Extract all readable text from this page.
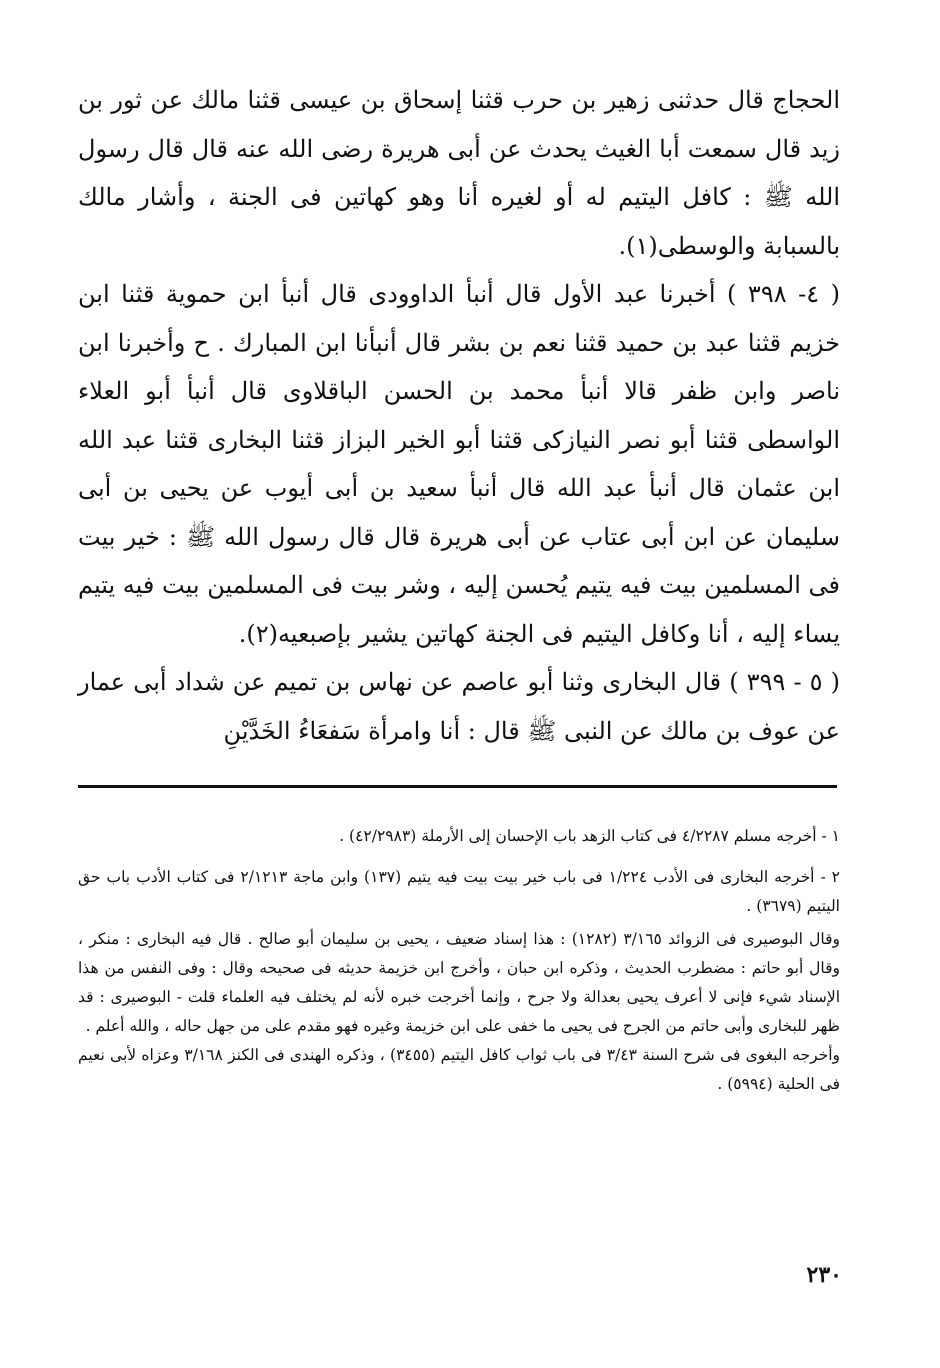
الحجاج قال حدثنى زهير بن حرب قثنا إسحاق بن عيسى قثنا مالك عن ثور بن زيد قال سمعت أبا الغيث يحدث عن أبى هريرة رضى الله عنه قال قال رسول الله ﷺ : كافل اليتيم له أو لغيره أنا وهو كهاتين فى الجنة ، وأشار مالك بالسبابة والوسطى(١).

( ٤- ٣٩٨ ) أخبرنا عبد الأول قال أنبأ الداوودى قال أنبأ ابن حموية قثنا ابن خزيم قثنا عبد بن حميد قثنا نعم بن بشر قال أنبأنا ابن المبارك . ح وأخبرنا ابن ناصر وابن ظفر قالا أنبأ محمد بن الحسن الباقلاوى قال أنبأ أبو العلاء الواسطى قثنا أبو نصر النيازكى قثنا أبو الخير البزاز قثنا البخارى قثنا عبد الله ابن عثمان قال أنبأ عبد الله قال أنبأ سعيد بن أبى أيوب عن يحيى بن أبى سليمان عن ابن أبى عتاب عن أبى هريرة قال قال رسول الله ﷺ : خير بيت فى المسلمين بيت فيه يتيم يُحسن إليه ، وشر بيت فى المسلمين بيت فيه يتيم يساء إليه ، أنا وكافل اليتيم فى الجنة كهاتين يشير بإصبعيه(٢).

( ٥ - ٣٩٩ ) قال البخارى وثنا أبو عاصم عن نهاس بن تميم عن شداد أبى عمار عن عوف بن مالك عن النبى ﷺ قال : أنا وامرأة سَفعَاءُ الخَدَّيْنِ

١ - أخرجه مسلم ٤/٢٢٨٧ فى كتاب الزهد باب الإحسان إلى الأرملة (٤٢/٢٩٨٣) .

٢ - أخرجه البخارى فى الأدب ١/٢٢٤ فى باب خير بيت بيت فيه يتيم (١٣٧) وابن ماجة ٢/١٢١٣ فى كتاب الأدب باب حق اليتيم (٣٦٧٩) .

وقال البوصيرى فى الزوائد ٣/١٦٥ (١٢٨٢) : هذا إسناد ضعيف ، يحيى بن سليمان أبو صالح . قال فيه البخارى : منكر ، وقال أبو حاتم : مضطرب الحديث ، وذكره ابن حبان ، وأخرج ابن خزيمة حديثه فى صحيحه وقال : وفى النفس من هذا الإسناد شيء فإنى لا أعرف يحيى بعدالة ولا جرح ، وإنما أخرجت خبره لأنه لم يختلف فيه العلماء قلت - البوصيرى : قد ظهر للبخارى وأبى حاتم من الجرح فى يحيى ما خفى على ابن خزيمة وغيره فهو مقدم على من جهل حاله ، والله أعلم .

وأخرجه البغوى فى شرح السنة ٣/٤٣ فى باب ثواب كافل اليتيم (٣٤٥٥) ، وذكره الهندى فى الكنز ٣/١٦٨ وعزاه لأبى نعيم فى الحلية (٥٩٩٤) .

٢٣٠
